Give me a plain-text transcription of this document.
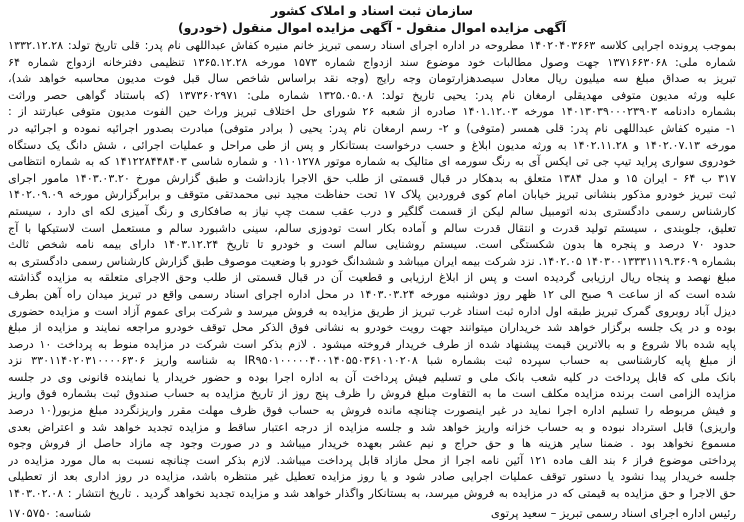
سازمان ثبت اسناد و املاک کشور
آگهی مزایده اموال منقول - آگهی مزایده اموال منقول (خودرو)
بموجب پرونده اجرایی کلاسه ۱۴۰۲۰۴۰۳۶۶۳ مطروحه در اداره اجرای اسناد رسمی تبریز خانم منیره کفاش عبداللهی نام پدر: قلی تاریخ تولد: ۱۳۳۲.۱۲.۲۸
شماره ملی: ۱۳۷۱۶۶۳۰۶۸ جهت وصول مطالبات خود موضوع سند ازدواج شماره ۱۵۷۳ مورخه ۱۳۶۵.۱۲.۲۸ تنظیمی دفترخانه ازدواج شماره ۶۴
تبریز به صداق مبلغ سه میلیون ریال معادل سیصدهزارتومان وجه رایج (وجه نقد براساس شاخص سال قبل فوت مدیون محاسبه خواهد شد)،
علیه ورثه مدیون متوفی مهدیقلی ارمغان نام پدر: یحیی تاریخ تولد: ۱۳۲۵.۰۵.۰۸ شماره ملی: ۱۳۷۳۶۰۲۹۷۱ (که باستناد گواهی حصر وراثت
بشماره دادنامه ۱۴۰۱۳۰۳۹۰۰۰۲۳۹۰۳ مورخه ۱۴۰۱.۱۲.۰۳ صادره از شعبه ۲۶ شورای حل اختلاف تبریز وراث حین الفوت مدیون متوفی عبارتند از :
۱- منیره کفاش عبداللهی نام پدر: قلی همسر (متوفی) و ۲- رسم ارمغان نام پدر: یحیی ( برادر متوفی) مبادرت بصدور اجرائیه نموده و اجرائیه در
مورخه ۱۴۰۲.۰۷.۱۳ و ۱۴۰۲.۱۱.۲۸ به ورثه مدیون ابلاغ و حسب درخواست بستانکار و پس از طی مراحل و عملیات اجرائی ، شش دانگ یک دستگاه
خودروی سواری پراید تیپ جی تی ایکس آی به رنگ سورمه ای متالیک به شماره موتور ۰۱۱۰۱۲۷۸ و شماره شاسی ۱۴۱۲۲۸۴۴۸۴۰۳ که به شماره انتظامی
۳۱۷ ب ۶۴ - ایران ۱۵ و مدل ۱۳۸۴ متعلق به بدهکار در قبال قسمتی از طلب حق الاجرا بازداشت و طبق گزارش مورخ ۱۴۰۳.۰۳.۲۰ مامور اجرای
ثبت تبریز خودرو مذکور بنشانی تبریز خیابان امام کوی فروردین پلاک ۱۷ تحت حفاظت مجید نبی محمدتقی متوقف و برابرگزارش مورخه ۱۴۰۲.۰۹.۰۹
کارشناس رسمی دادگستری بدنه اتومبیل سالم لیکن از قسمت گلگیر و درب عقب سمت چپ نیاز به صافکاری و رنگ آمیزی لکه ای دارد ، سیستم
تعلیق، جلوبندی ، سیستم تولید قدرت و انتقال قدرت سالم و آماده بکار است تودوزی سالم، سینی داشبورد سالم و مستعمل است لاستیکها با آج
حدود ۷۰ درصد و پنجره ها بدون شکستگی است. سیستم روشنایی سالم است و خودرو تا تاریخ ۱۴۰۳.۱۲.۲۴ دارای بیمه نامه شخص ثالث
بشماره ۱۴۰۳۰۰۱۳۳۳۱۱۱۹.۳۶۰۹ ۱۴۰۲.۰۵. نزد شرکت بیمه ایران میباشد و ششدانگ خودرو با وضعیت موصوف طبق گزارش کارشناس رسمی دادگستری به
مبلغ نهصد و پنجاه ریال ارزیابی گردیده است و پس از ابلاغ ارزیابی و قطعیت آن در قبال قسمتی از طلب وحق الاجرای متعلقه به مزایده گذاشته
شده است که از ساعت ۹ صبح الی ۱۲ ظهر روز دوشنبه مورخه ۱۴۰۳.۰۳.۲۴ در محل اداره اجرای اسناد رسمی واقع در تبریز میدان راه آهن بطرف
دیزل آباد روبروی گمرک تبریز طبقه اول اداره ثبت اسناد غرب تبریز از طریق مزایده به فروش میرسد و شرکت برای عموم آزاد است و مزایده حضوری
بوده و در یک جلسه برگزار خواهد شد خریداران میتوانند جهت رویت خودرو به نشانی فوق الذکر محل توقف خودرو مراجعه نمایند و مزایده از مبلغ
پایه شده بالا شروع و به بالاترین قیمت پیشنهاد شده از طرف خریدار فروخته میشود . لازم بذکر است شرکت در مزایده منوط به پرداخت ۱۰ درصد
از مبلغ پایه کارشناسی به حساب سپرده ثبت بشماره شبا IR۹۵۰۱۰۰۰۰۰۴۰۰۱۴۰۵۵۰۳۶۱۰۱۰۲۰۸ به شناسه واریز ۳۳۰۱۱۴۰۲۰۳۱۰۰۰۰۶۳۰۶ نزد
بانک ملی که قابل پرداخت در کلیه شعب بانک ملی و تسلیم فیش پرداخت آن به اداره اجرا بوده و حضور خریدار یا نماینده قانونی وی در جلسه
مزایده الزامی است برنده مزایده مکلف است ما به التفاوت مبلغ فروش را ظرف پنج روز از تاریخ مزایده به حساب صندوق ثبت بشماره فوق واریز
و فیش مربوطه را تسلیم اداره اجرا نماید در غیر اینصورت چنانچه مانده فروش به حساب فوق ظرف مهلت مقرر واریزنگردد مبلغ مزبور(۱۰ درصد
واریزی) قابل استرداد نبوده و به حساب خزانه واریز خواهد شد و جلسه مزایده از درجه اعتبار ساقط و مزایده تجدید خواهد شد و اعتراض بعدی
مسموع نخواهد بود . ضمنا سایر هزینه ها و حق حراج و نیم عشر بعهده خریدار میباشد و در صورت وجود چه مازاد حاصل از فروش وجوه
پرداختی موضوع فراز ۶ بند الف ماده ۱۲۱ آئین نامه اجرا از محل مازاد قابل پرداخت میباشد. لازم بذکر است چنانچه نسبت به مال مورد مزایده در
جلسه خریدار پیدا نشود یا دستور توقف عملیات اجرایی صادر شود و یا روز مزایده تعطیل غیر منتظره باشد، مزایده در روز اداری بعد از تعطیلی
حق الاجرا و حق مزایده به قیمتی که در مزایده به فروش میرسد، به بستانکار واگذار خواهد شد و مزایده تجدید نخواهد گردید . تاریخ انتشار : ۱۴۰۳.۰۲.۰۸
رئیس اداره اجرای اسناد رسمی تبریز – سعید پرتوی
شناسه: ۱۷۰۵۷۵۰
